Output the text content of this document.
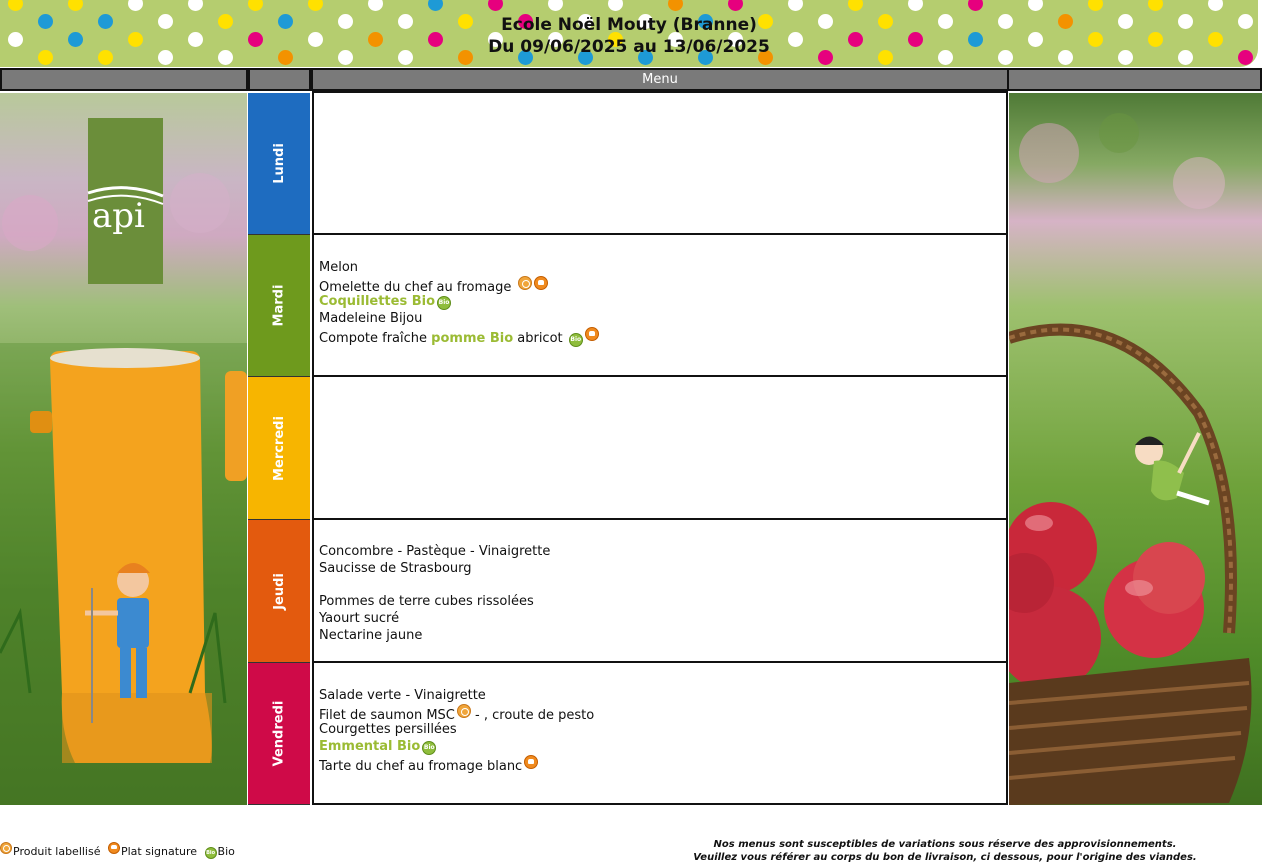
Ecole Noël Mouty (Branne)
Du 09/06/2025 au 13/06/2025
Menu
api
Lundi
Mardi
Mercredi
Jeudi
Vendredi
Melon
Omelette du chef au fromage
Coquillettes Bio Bio
Madeleine Bijou
Compote fraîche pomme Bio abricot Bio
Concombre - Pastèque - Vinaigrette
Saucisse de Strasbourg
Pommes de terre cubes rissolées
Yaourt sucré
Nectarine jaune
Salade verte - Vinaigrette
Filet de saumon MSC - , croute de pesto
Courgettes persillées
Emmental Bio Bio
Tarte du chef au fromage blanc
Produit labellisé Plat signature Bio Bio
Nos menus sont susceptibles de variations sous réserve des approvisionnements.
Veuillez vous référer au corps du bon de livraison, ci dessous, pour l'origine des viandes.
